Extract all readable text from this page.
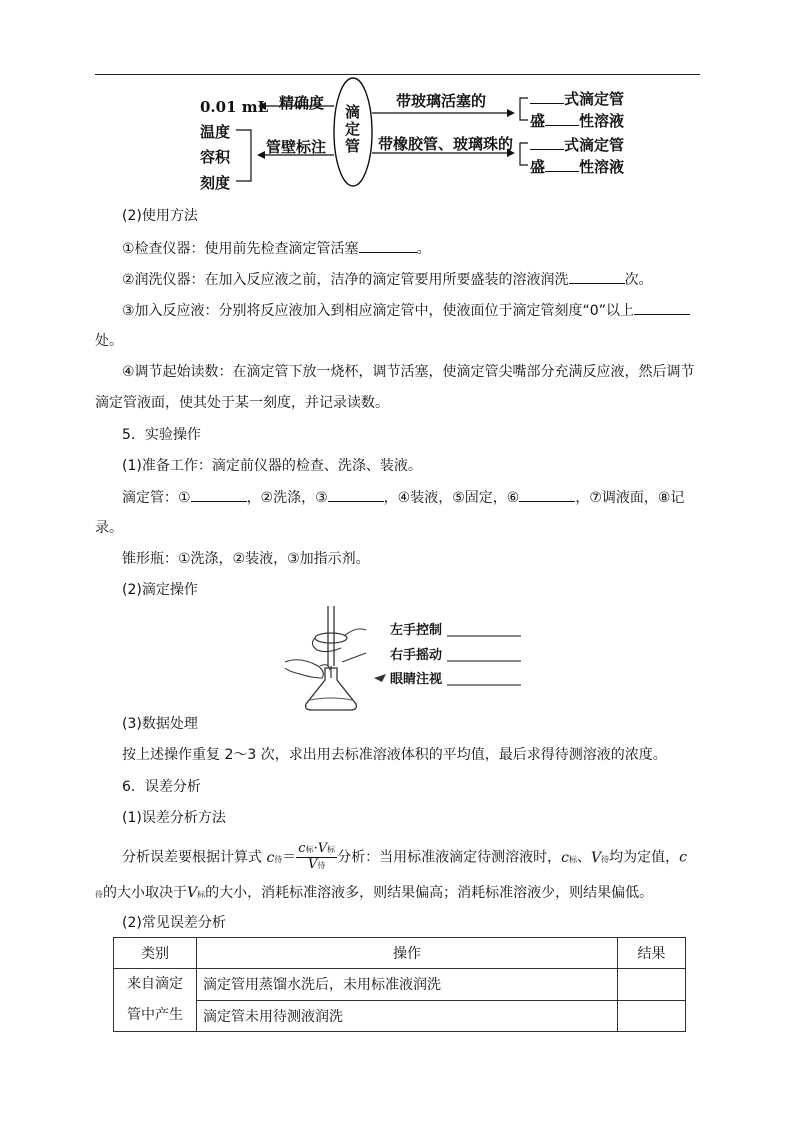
0.01 mL 精确度 滴
定
管
带玻璃活塞的	式滴定管
盛 性溶液
带橡胶管、玻璃珠的	式滴定管
盛 性溶液
管壁标注
温度
容积
刻度
(2)使用方法
①检查仪器：使用前先检查滴定管活塞	。
②润洗仪器：在加入反应液之前，洁净的滴定管要用所要盛装的溶液润洗	次。
③加入反应液：分别将反应液加入到相应滴定管中，使液面位于滴定管刻度“0”以上
处。
④调节起始读数：在滴定管下放一烧杯，调节活塞，使滴定管尖嘴部分充满反应液，然后调节
滴定管液面，使其处于某一刻度，并记录读数。
5．实验操作
(1)准备工作：滴定前仪器的检查、洗涤、装液。
滴定管：①	，②洗涤，③	，④装液，⑤固定，⑥	，⑦调液面，⑧记
录。
锥形瓶：①洗涤，②装液，③加指示剂。
(2)滴定操作
左手控制
右手摇动
眼睛注视
(3)数据处理
按上述操作重复 2～3 次，求出用去标准溶液体积的平均值，最后求得待测溶液的浓度。
6．误差分析
(1)误差分析方法
分析误差要根据计算式 c待＝ $\frac{\text{c标·V标}}{\text{V待}}$ 分析：当用标准液滴定待测溶液时，c标、V待均为定值，c
待的大小取决于V标的大小，消耗标准溶液多，则结果偏高；消耗标准溶液少，则结果偏低。
(2)常见误差分析
类别	操作	结果
来自滴定
管中产生	滴定管用蒸馏水洗后，未用标准液润洗	
	滴定管未用待测液润洗	
